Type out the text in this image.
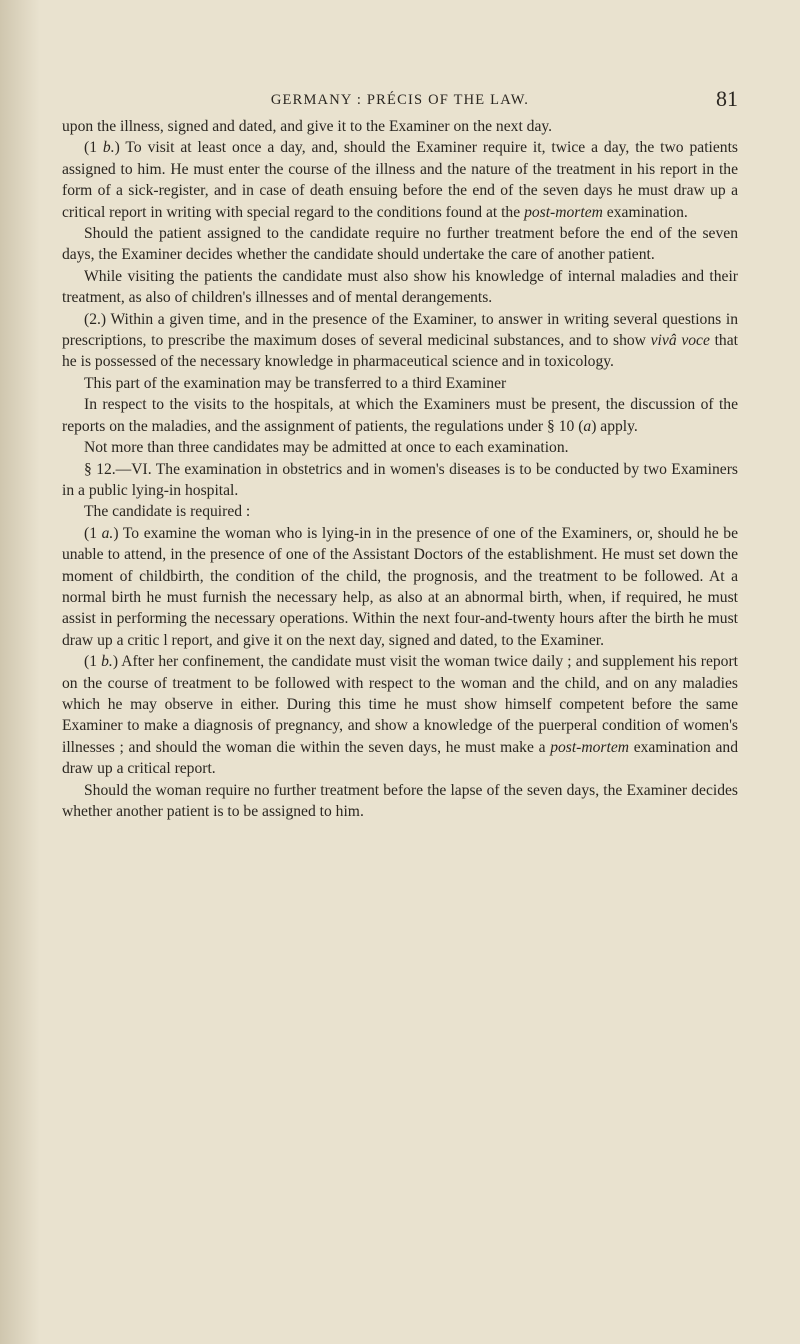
GERMANY : PRÉCIS OF THE LAW.	81

upon the illness, signed and dated, and give it to the Examiner on the next day.

(1 b.) To visit at least once a day, and, should the Examiner require it, twice a day, the two patients assigned to him. He must enter the course of the illness and the nature of the treatment in his report in the form of a sick-register, and in case of death ensuing before the end of the seven days he must draw up a critical report in writing with special regard to the conditions found at the post-mortem examination.

Should the patient assigned to the candidate require no further treatment before the end of the seven days, the Examiner decides whether the candidate should undertake the care of another patient.

While visiting the patients the candidate must also show his knowledge of internal maladies and their treatment, as also of children's illnesses and of mental derangements.

(2.) Within a given time, and in the presence of the Examiner, to answer in writing several questions in prescriptions, to prescribe the maximum doses of several medicinal substances, and to show vivâ voce that he is possessed of the necessary knowledge in pharmaceutical science and in toxicology.

This part of the examination may be transferred to a third Examiner

In respect to the visits to the hospitals, at which the Examiners must be present, the discussion of the reports on the maladies, and the assignment of patients, the regulations under § 10 (a) apply.

Not more than three candidates may be admitted at once to each examination.

§ 12.—VI. The examination in obstetrics and in women's diseases is to be conducted by two Examiners in a public lying-in hospital.

The candidate is required :

(1 a.) To examine the woman who is lying-in in the presence of one of the Examiners, or, should he be unable to attend, in the presence of one of the Assistant Doctors of the establishment. He must set down the moment of childbirth, the condition of the child, the prognosis, and the treatment to be followed. At a normal birth he must furnish the necessary help, as also at an abnormal birth, when, if required, he must assist in performing the necessary operations. Within the next four-and-twenty hours after the birth he must draw up a critic l report, and give it on the next day, signed and dated, to the Examiner.

(1 b.) After her confinement, the candidate must visit the woman twice daily ; and supplement his report on the course of treatment to be followed with respect to the woman and the child, and on any maladies which he may observe in either. During this time he must show himself competent before the same Examiner to make a diagnosis of pregnancy, and show a knowledge of the puerperal condition of women's illnesses ; and should the woman die within the seven days, he must make a post-mortem examination and draw up a critical report.

Should the woman require no further treatment before the lapse of the seven days, the Examiner decides whether another patient is to be assigned to him.
